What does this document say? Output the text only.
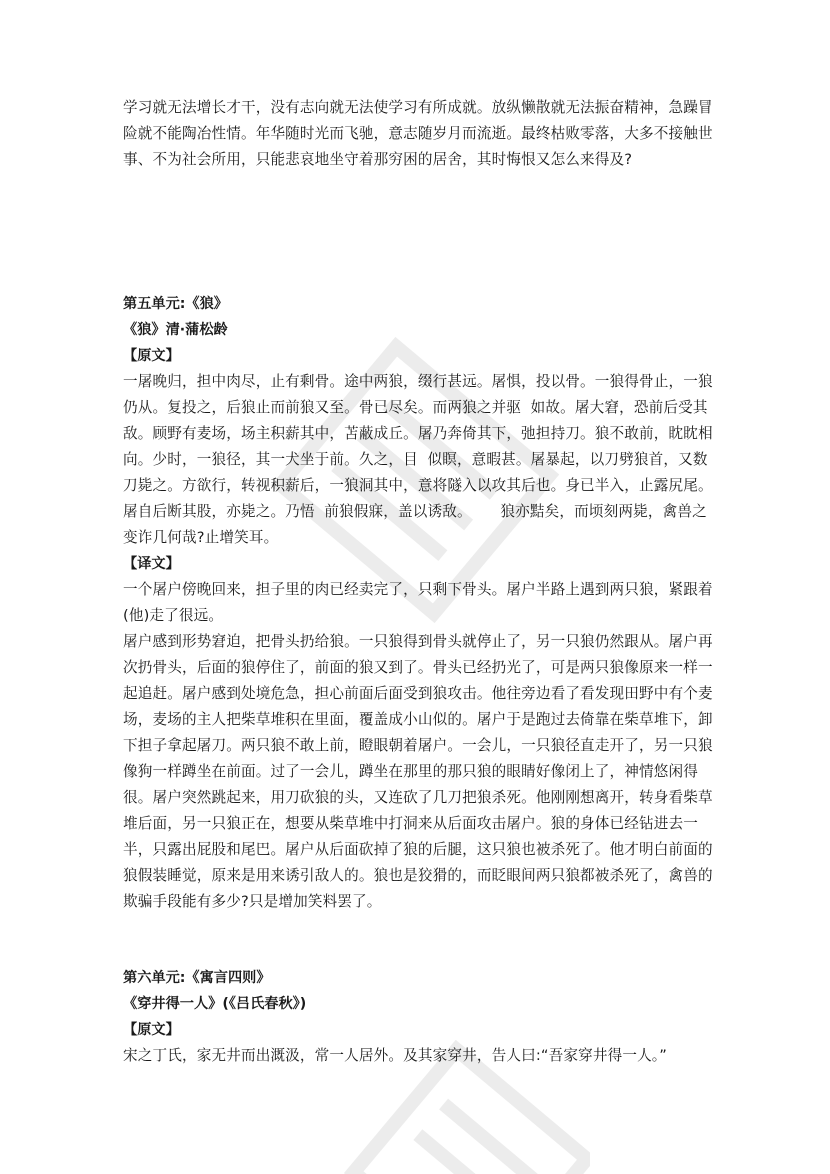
学习就无法增长才干，没有志向就无法使学习有所成就。放纵懒散就无法振奋精神，急躁冒险就不能陶冶性情。年华随时光而飞驰，意志随岁月而流逝。最终枯败零落，大多不接触世事、不为社会所用，只能悲哀地坐守着那穷困的居舍，其时悔恨又怎么来得及?

第五单元:《狼》

《狼》清·蒲松龄

【原文】

一屠晚归，担中肉尽，止有剩骨。途中两狼，缀行甚远。屠惧，投以骨。一狼得骨止，一狼仍从。复投之，后狼止而前狼又至。骨已尽矣。而两狼之并驱  如故。屠大窘，恐前后受其敌。顾野有麦场，场主积薪其中，苫蔽成丘。屠乃奔倚其下，弛担持刀。狼不敢前，眈眈相向。少时，一狼径，其一犬坐于前。久之，目  似瞑，意暇甚。屠暴起，以刀劈狼首，又数刀毙之。方欲行，转视积薪后，一狼洞其中，意将隧入以攻其后也。身已半入，止露尻尾。屠自后断其股，亦毙之。乃悟  前狼假寐，盖以诱敌。      狼亦黠矣，而顷刻两毙，禽兽之变诈几何哉?止增笑耳。

【译文】

一个屠户傍晚回来，担子里的肉已经卖完了，只剩下骨头。屠户半路上遇到两只狼，紧跟着(他)走了很远。

屠户感到形势窘迫，把骨头扔给狼。一只狼得到骨头就停止了，另一只狼仍然跟从。屠户再次扔骨头，后面的狼停住了，前面的狼又到了。骨头已经扔光了，可是两只狼像原来一样一起追赶。屠户感到处境危急，担心前面后面受到狼攻击。他往旁边看了看发现田野中有个麦场，麦场的主人把柴草堆积在里面，覆盖成小山似的。屠户于是跑过去倚靠在柴草堆下，卸下担子拿起屠刀。两只狼不敢上前，瞪眼朝着屠户。一会儿，一只狼径直走开了，另一只狼像狗一样蹲坐在前面。过了一会儿，蹲坐在那里的那只狼的眼睛好像闭上了，神情悠闲得很。屠户突然跳起来，用刀砍狼的头，又连砍了几刀把狼杀死。他刚刚想离开，转身看柴草堆后面，另一只狼正在，想要从柴草堆中打洞来从后面攻击屠户。狼的身体已经钻进去一半，只露出屁股和尾巴。屠户从后面砍掉了狼的后腿，这只狼也被杀死了。他才明白前面的狼假装睡觉，原来是用来诱引敌人的。狼也是狡猾的，而眨眼间两只狼都被杀死了，禽兽的欺骗手段能有多少?只是增加笑料罢了。

第六单元:《寓言四则》

《穿井得一人》(《吕氏春秋》)

【原文】

宋之丁氏，家无井而出溉汲，常一人居外。及其家穿井，告人曰:“吾家穿井得一人。”
